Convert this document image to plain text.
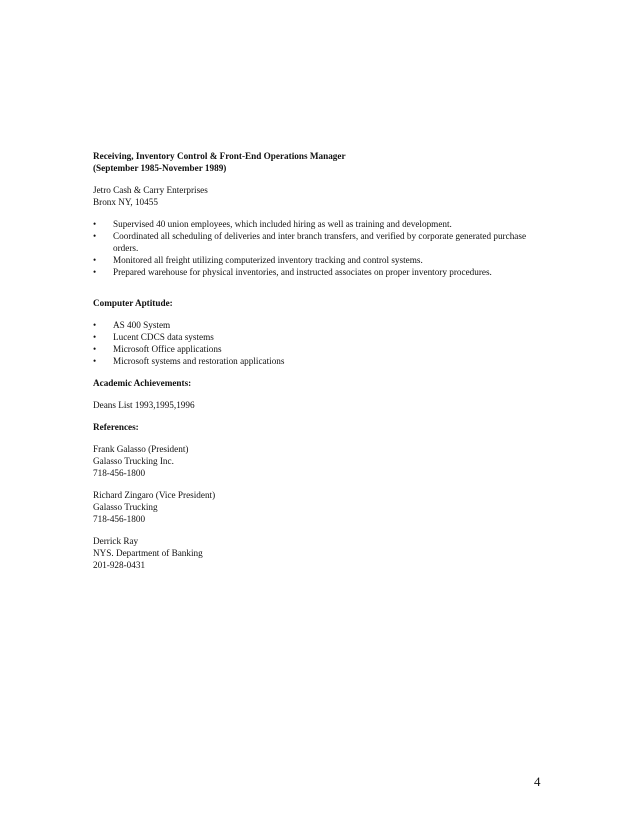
Receiving, Inventory Control & Front-End Operations Manager
(September 1985-November 1989)
Jetro Cash & Carry Enterprises
Bronx NY, 10455
• Supervised 40 union employees, which included hiring as well as training and development.
• Coordinated all scheduling of deliveries and inter branch transfers, and verified by corporate generated purchase orders.
• Monitored all freight utilizing computerized inventory tracking and control systems.
• Prepared warehouse for physical inventories, and instructed associates on proper inventory procedures.
Computer Aptitude:
• AS 400 System
• Lucent CDCS data systems
• Microsoft Office applications
• Microsoft systems and restoration applications
Academic Achievements:
Deans List 1993,1995,1996
References:
Frank Galasso (President)
Galasso Trucking Inc.
718-456-1800
Richard Zingaro (Vice President)
Galasso Trucking
718-456-1800
Derrick Ray
NYS. Department of Banking
201-928-0431
4
